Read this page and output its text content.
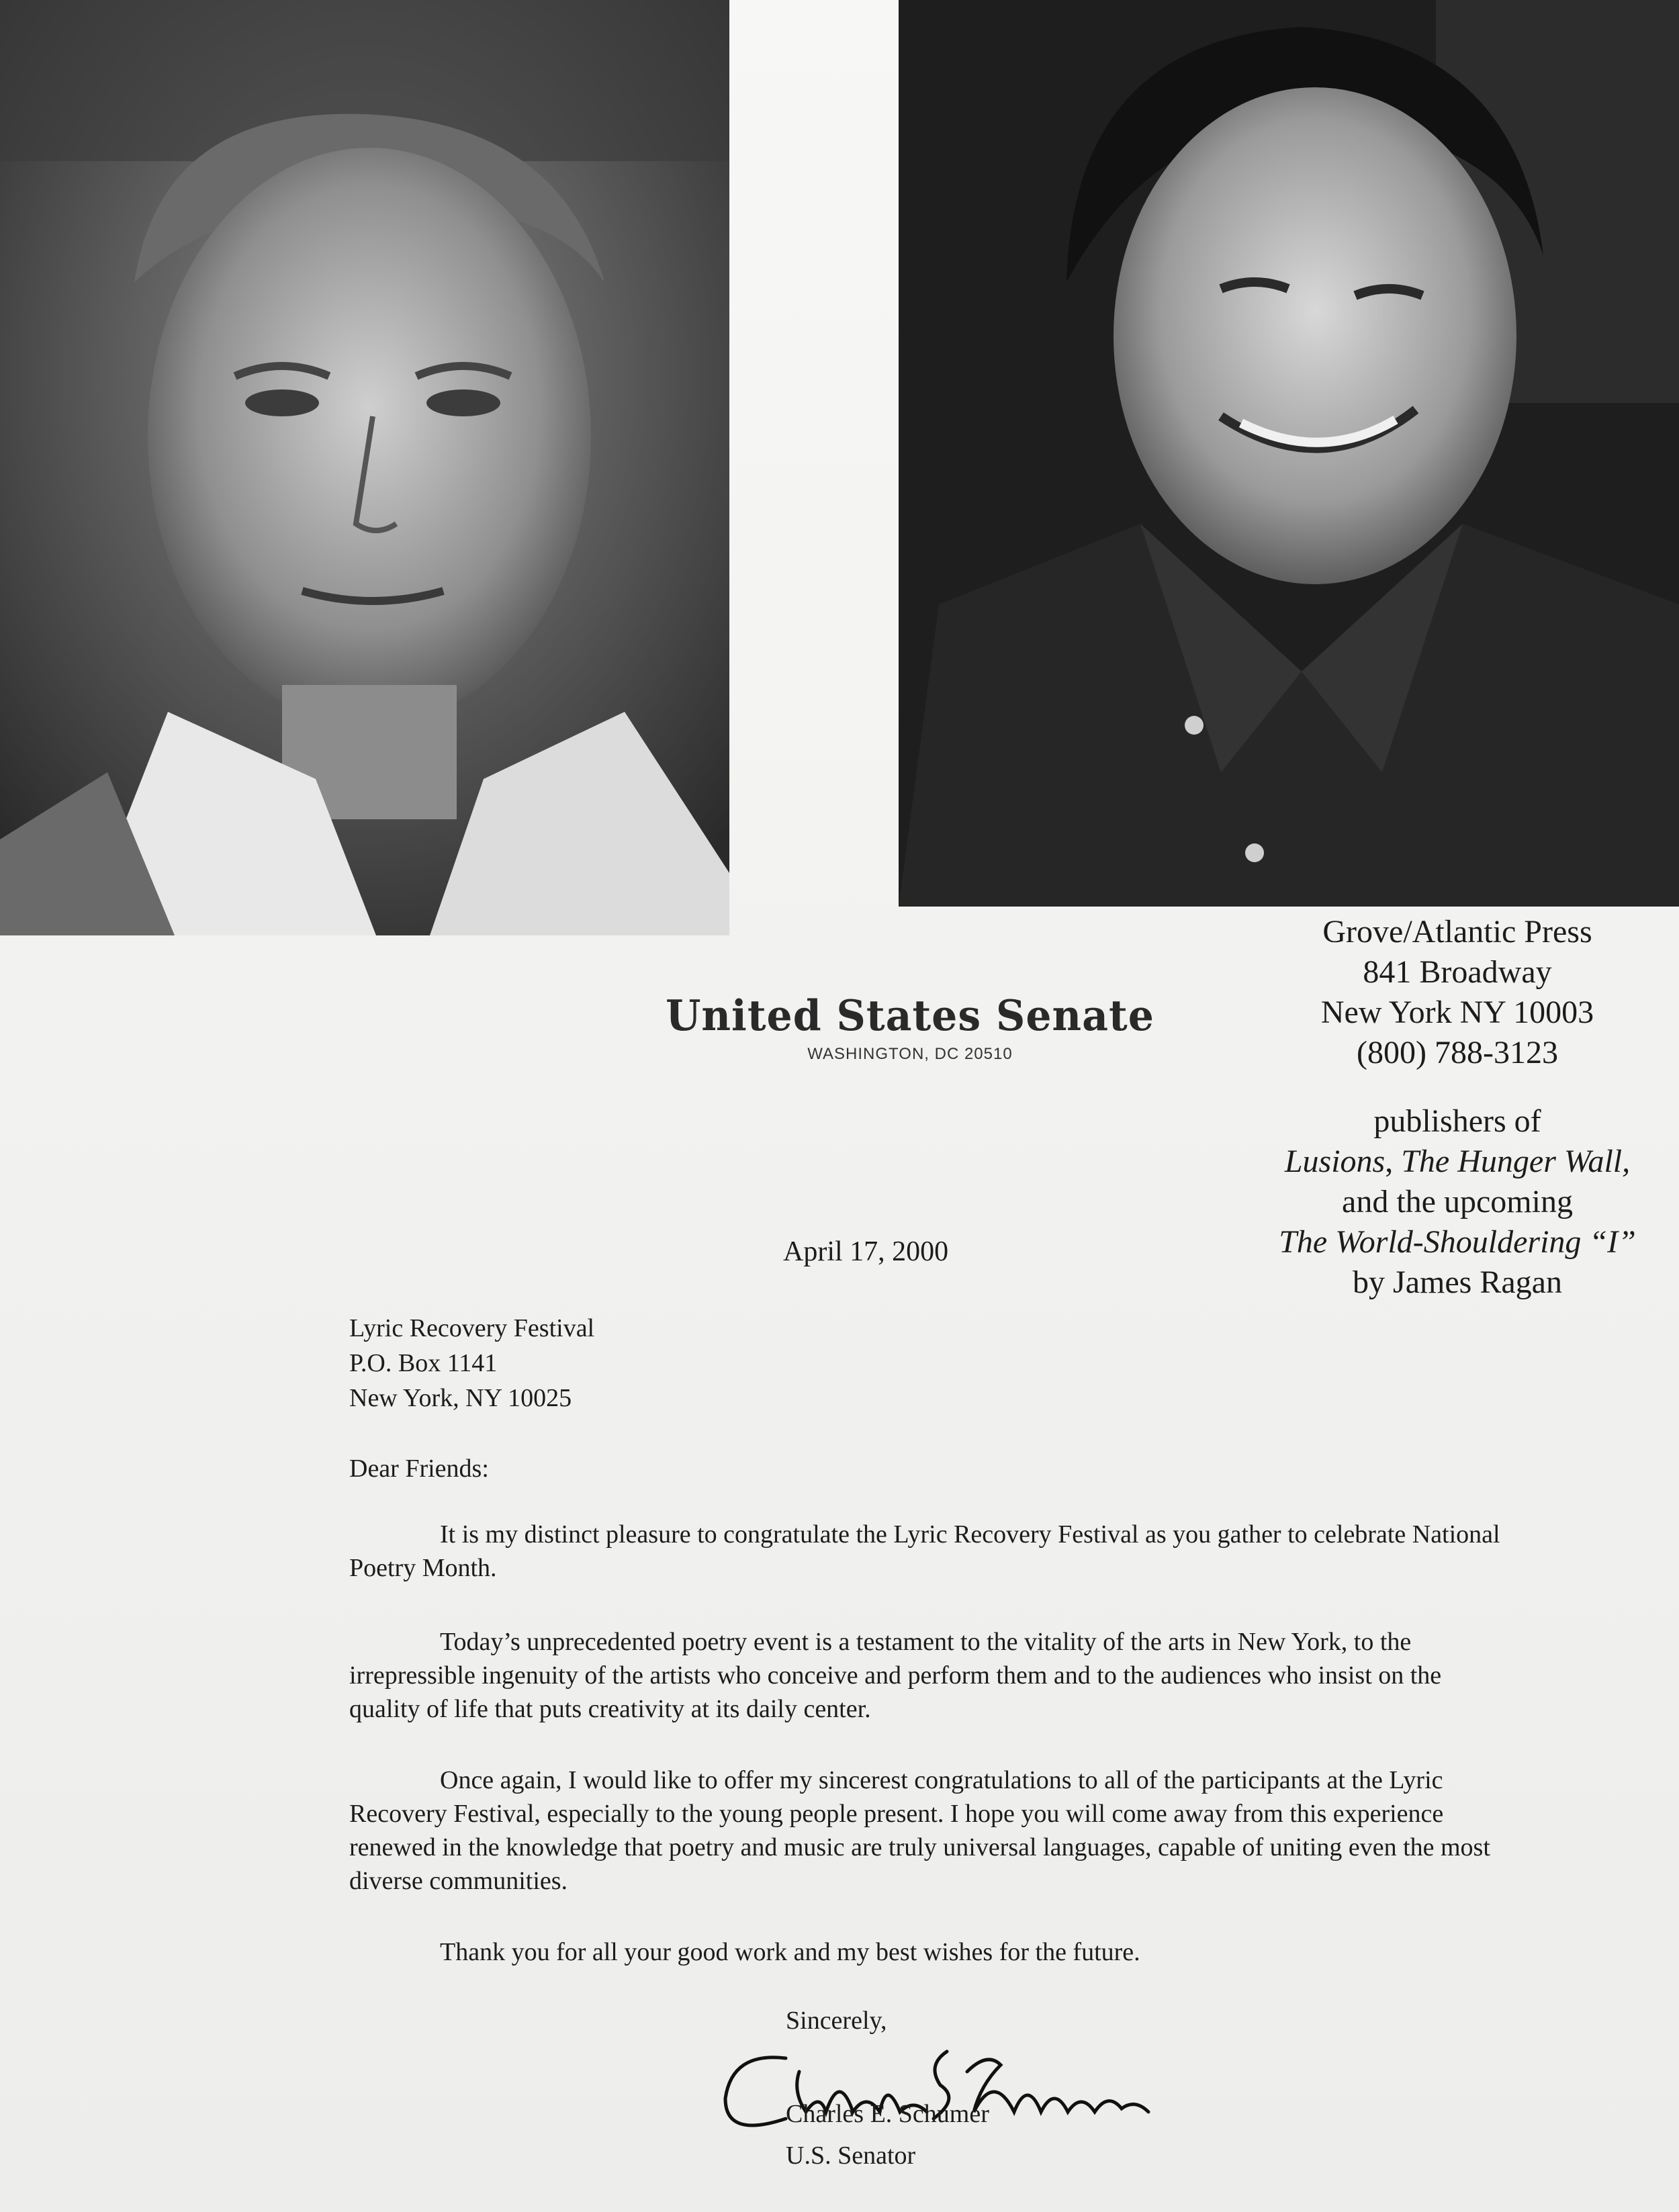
Grove/Atlantic Press
841 Broadway
New York NY 10003
(800) 788-3123
publishers of
Lusions, The Hunger Wall,
and the upcoming
The World-Shouldering “I”
by James Ragan
United States Senate
WASHINGTON, DC 20510
April 17, 2000
Lyric Recovery Festival
P.O. Box 1141
New York, NY 10025
Dear Friends:
It is my distinct pleasure to congratulate the Lyric Recovery Festival as you gather to celebrate National Poetry Month.
Today’s unprecedented poetry event is a testament to the vitality of the arts in New York, to the irrepressible ingenuity of the artists who conceive and perform them and to the audiences who insist on the quality of life that puts creativity at its daily center.
Once again, I would like to offer my sincerest congratulations to all of the participants at the Lyric Recovery Festival, especially to the young people present. I hope you will come away from this experience renewed in the knowledge that poetry and music are truly universal languages, capable of uniting even the most diverse communities.
Thank you for all your good work and my best wishes for the future.
Sincerely,
Charles E. Schumer
U.S. Senator
